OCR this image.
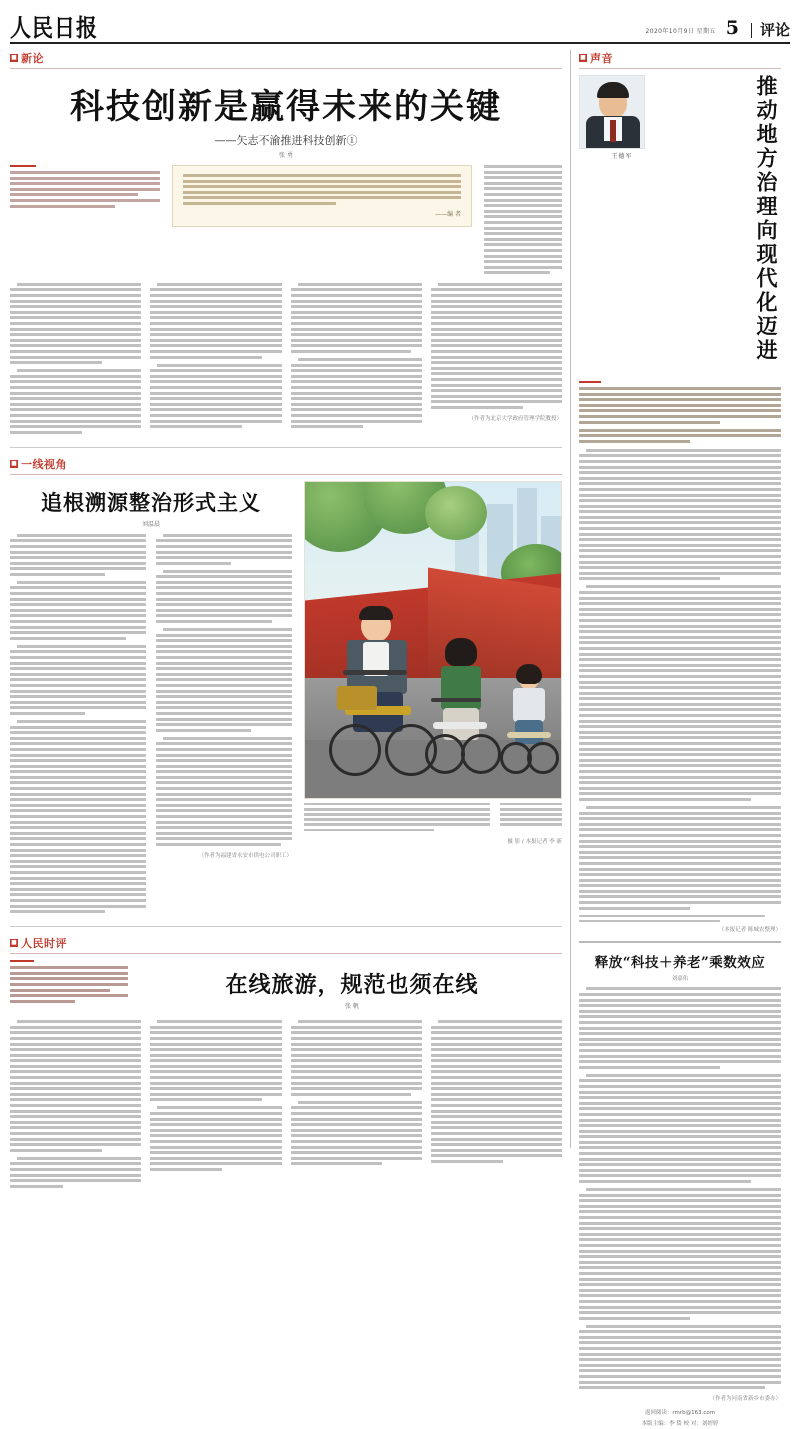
人民日报	2020年10月9日 星期五 5	评论
■ 新论
科技创新是赢得未来的关键
——矢志不渝推进科技创新①
张 勇
——编 者
（作者为北京大学政府管理学院教授）
■ 一线视角
追根溯源整治形式主义
刘温晨
（作者为福建省永安市供电公司职工）
摄 影 / 本报记者 李 新
■ 人民时评
在线旅游，规范也须在线
张 帆
■ 声音
王德军	推动地方治理向现代化迈进
（本报记者 陈城农整理）
释放“科技＋养老”乘数效应
刘嘉佑
（作者为河南省新乡市委办）
返回阅读：rmrb@163.com
本版主编：李 贽 校 对：刘婷婷
